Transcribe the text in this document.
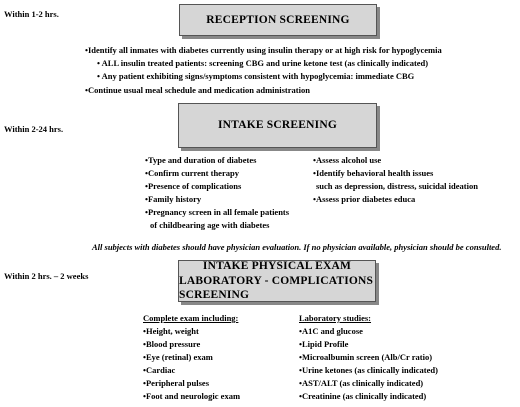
Within 1-2 hrs.
Within 2-24 hrs.
Within 2 hrs. – 2 weeks
RECEPTION SCREENING
•Identify all inmates with diabetes currently using insulin therapy or at high risk for hypoglycemia
• ALL insulin treated patients: screening CBG and urine ketone test (as clinically indicated)
• Any patient exhibiting signs/symptoms consistent with hypoglycemia: immediate CBG
•Continue usual meal schedule and medication administration
INTAKE SCREENING
•Type and duration of diabetes
•Confirm current therapy
•Presence of complications
•Family history
•Pregnancy screen in all female patients
of childbearing age with diabetes
•Assess alcohol use
•Identify behavioral health issues
such as depression, distress, suicidal ideation
•Assess prior diabetes educa
All subjects with diabetes should have physician evaluation. If no physician available, physician should be consulted.
INTAKE PHYSICAL EXAM
LABORATORY - COMPLICATIONS SCREENING
Complete exam including:
•Height, weight
•Blood pressure
•Eye (retinal) exam
•Cardiac
•Peripheral pulses
•Foot and neurologic exam
Laboratory studies:
•A1C and glucose
•Lipid Profile
•Microalbumin screen (Alb/Cr ratio)
•Urine ketones (as clinically indicated)
•AST/ALT (as clinically indicated)
•Creatinine (as clinically indicated)
